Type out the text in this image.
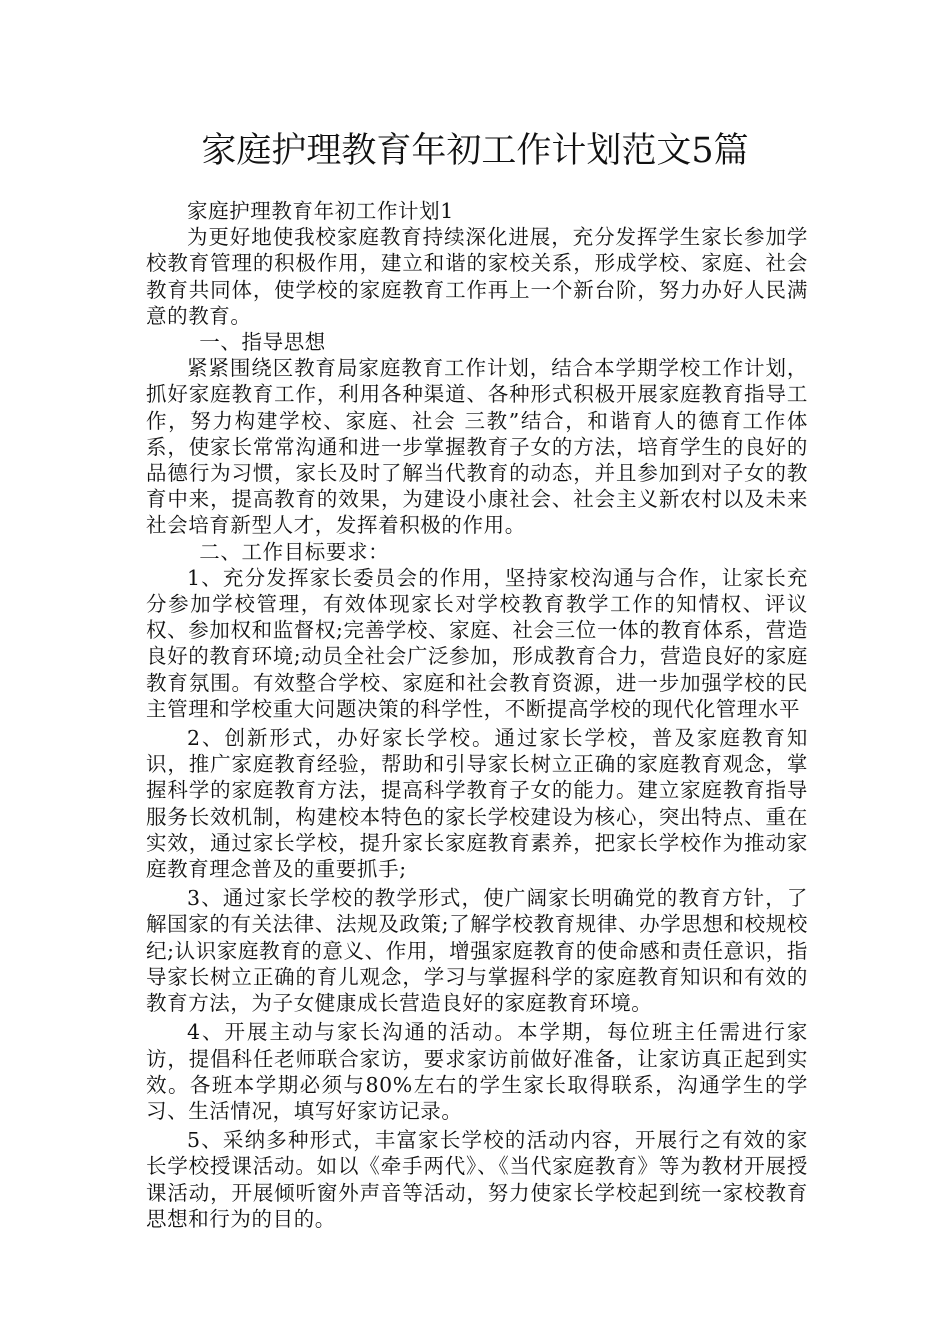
家庭护理教育年初工作计划范文5篇

家庭护理教育年初工作计划1

为更好地使我校家庭教育持续深化进展，充分发挥学生家长参加学校教育管理的积极作用，建立和谐的家校关系，形成学校、家庭、社会教育共同体，使学校的家庭教育工作再上一个新台阶，努力办好人民满意的教育。

一、指导思想

紧紧围绕区教育局家庭教育工作计划，结合本学期学校工作计划，抓好家庭教育工作，利用各种渠道、各种形式积极开展家庭教育指导工作，努力构建学校、家庭、社会 三教”结合，和谐育人的德育工作体系，使家长常常沟通和进一步掌握教育子女的方法，培育学生的良好的品德行为习惯，家长及时了解当代教育的动态，并且参加到对子女的教育中来，提高教育的效果，为建设小康社会、社会主义新农村以及未来社会培育新型人才，发挥着积极的作用。

二、工作目标要求：

1、充分发挥家长委员会的作用，坚持家校沟通与合作，让家长充分参加学校管理，有效体现家长对学校教育教学工作的知情权、评议权、参加权和监督权;完善学校、家庭、社会三位一体的教育体系，营造良好的教育环境;动员全社会广泛参加，形成教育合力，营造良好的家庭教育氛围。有效整合学校、家庭和社会教育资源，进一步加强学校的民主管理和学校重大问题决策的科学性，不断提高学校的现代化管理水平

2、创新形式，办好家长学校。通过家长学校，普及家庭教育知识，推广家庭教育经验，帮助和引导家长树立正确的家庭教育观念，掌握科学的家庭教育方法，提高科学教育子女的能力。建立家庭教育指导服务长效机制，构建校本特色的家长学校建设为核心，突出特点、重在实效，通过家长学校，提升家长家庭教育素养，把家长学校作为推动家庭教育理念普及的重要抓手;

3、通过家长学校的教学形式，使广阔家长明确党的教育方针，了解国家的有关法律、法规及政策;了解学校教育规律、办学思想和校规校纪;认识家庭教育的意义、作用，增强家庭教育的使命感和责任意识，指导家长树立正确的育儿观念，学习与掌握科学的家庭教育知识和有效的教育方法，为子女健康成长营造良好的家庭教育环境。

4、开展主动与家长沟通的活动。本学期，每位班主任需进行家访，提倡科任老师联合家访，要求家访前做好准备，让家访真正起到实效。各班本学期必须与80%左右的学生家长取得联系，沟通学生的学习、生活情况，填写好家访记录。

5、采纳多种形式，丰富家长学校的活动内容，开展行之有效的家长学校授课活动。如以《牵手两代》、《当代家庭教育》等为教材开展授课活动，开展倾听窗外声音等活动，努力使家长学校起到统一家校教育思想和行为的目的。
